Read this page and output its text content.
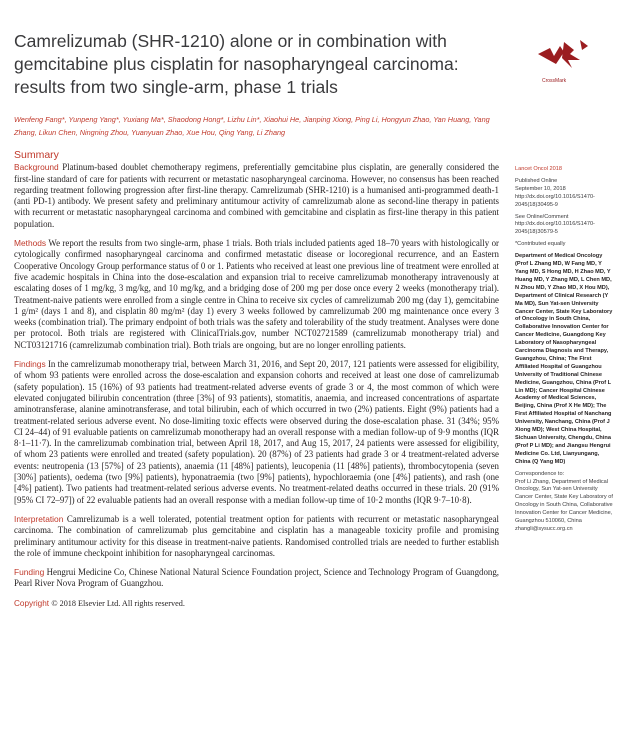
Camrelizumab (SHR-1210) alone or in combination with gemcitabine plus cisplatin for nasopharyngeal carcinoma: results from two single-arm, phase 1 trials	CrossMark
Wenfeng Fang*, Yunpeng Yang*, Yuxiang Ma*, Shaodong Hong*, Lizhu Lin*, Xiaohui He, Jianping Xiong, Ping Li, Hongyun Zhao, Yan Huang, Yang Zhang, Likun Chen, Ningning Zhou, Yuanyuan Zhao, Xue Hou, Qing Yang, Li Zhang
Summary

Background Platinum-based doublet chemotherapy regimens, preferentially gemcitabine plus cisplatin, are generally considered the first-line standard of care for patients with recurrent or metastatic nasopharyngeal carcinoma. However, no consensus has been reached regarding treatment following progression after first-line therapy. Camrelizumab (SHR-1210) is a humanised anti-programmed death-1 (anti PD-1) antibody. We present safety and preliminary antitumour activity of camrelizumab alone as second-line therapy in patients with recurrent or metastatic nasopharyngeal carcinoma and combined with gemcitabine and cisplatin as first-line therapy in this patient population.

Methods We report the results from two single-arm, phase 1 trials. Both trials included patients aged 18–70 years with histologically or cytologically confirmed nasopharyngeal carcinoma and confirmed metastatic disease or locoregional recurrence, and an Eastern Cooperative Oncology Group performance status of 0 or 1. Patients who received at least one previous line of treatment were enrolled at five academic hospitals in China into the dose-escalation and expansion trial to receive camrelizumab monotherapy intravenously at escalating doses of 1 mg/kg, 3 mg/kg, and 10 mg/kg, and a bridging dose of 200 mg per dose once every 2 weeks (monotherapy trial). Treatment-naive patients were enrolled from a single centre in China to receive six cycles of camrelizumab 200 mg (day 1), gemcitabine 1 g/m² (days 1 and 8), and cisplatin 80 mg/m² (day 1) every 3 weeks followed by camrelizumab 200 mg maintenance once every 3 weeks (combination trial). The primary endpoint of both trials was the safety and tolerability of the study treatment. Analyses were done per protocol. Both trials are registered with ClinicalTrials.gov, number NCT02721589 (camrelizumab monotherapy trial) and NCT03121716 (camrelizumab combination trial). Both trials are ongoing, but are no longer enrolling patients.

Findings In the camrelizumab monotherapy trial, between March 31, 2016, and Sept 20, 2017, 121 patients were assessed for eligibility, of whom 93 patients were enrolled across the dose-escalation and expansion cohorts and received at least one dose of camrelizumab (safety population). 15 (16%) of 93 patients had treatment-related adverse events of grade 3 or 4, the most common of which were elevated conjugated bilirubin concentration (three [3%] of 93 patients), stomatitis, anaemia, and increased concentrations of aspartate aminotransferase, alanine aminotransferase, and total bilirubin, each of which occurred in two (2%) patients. Eight (9%) patients had a treatment-related serious adverse event. No dose-limiting toxic effects were observed during the dose-escalation phase. 31 (34%; 95% CI 24–44) of 91 evaluable patients on camrelizumab monotherapy had an overall response with a median follow-up of 9·9 months (IQR 8·1–11·7). In the camrelizumab combination trial, between April 18, 2017, and Aug 15, 2017, 24 patients were assessed for eligibility, of whom 23 patients were enrolled and treated (safety population). 20 (87%) of 23 patients had grade 3 or 4 treatment-related adverse events: neutropenia (13 [57%] of 23 patients), anaemia (11 [48%] patients), leucopenia (11 [48%] patients), thrombocytopenia (seven [30%] patients), oedema (two [9%] patients), hyponatraemia (two [9%] patients), hypochloraemia (one [4%] patients), and rash (one [4%] patient). Two patients had treatment-related serious adverse events. No treatment-related deaths occurred in these trials. 20 (91% [95% CI 72–97]) of 22 evaluable patients had an overall response with a median follow-up time of 10·2 months (IQR 9·7–10·8).

Interpretation Camrelizumab is a well tolerated, potential treatment option for patients with recurrent or metastatic nasopharyngeal carcinoma. The combination of camrelizumab plus gemcitabine and cisplatin has a manageable toxicity profile and promising preliminary antitumour activity for this disease in treatment-naive patients. Randomised controlled trials are needed to further establish the role of immune checkpoint inhibition for nasopharyngeal carcinomas.

Funding Hengrui Medicine Co, Chinese National Natural Science Foundation project, Science and Technology Program of Guangdong, Pearl River Nova Program of Guangzhou.

Copyright © 2018 Elsevier Ltd. All rights reserved.
Lancet Oncol 2018
Published Online
September 10, 2018
http://dx.doi.org/10.1016/S1470-2045(18)30495-9
See Online/Comment
http://dx.doi.org/10.1016/S1470-2045(18)30579-5
*Contributed equally
Department of Medical Oncology (Prof L Zhang MD, W Fang MD, Y Yang MD, S Hong MD, H Zhao MD, Y Huang MD, Y Zhang MD, L Chen MD, N Zhou MD, Y Zhao MD, X Hou MD), Department of Clinical Research (Y Ma MD), Sun Yat-sen University Cancer Center, State Key Laboratory of Oncology in South China, Collaborative Innovation Center for Cancer Medicine, Guangdong Key Laboratory of Nasopharyngeal Carcinoma Diagnosis and Therapy, Guangzhou, China; The First Affiliated Hospital of Guangzhou University of Traditional Chinese Medicine, Guangzhou, China (Prof L Lin MD); Cancer Hospital Chinese Academy of Medical Sciences, Beijing, China (Prof X He MD); The First Affiliated Hospital of Nanchang University, Nanchang, China (Prof J Xiong MD); West China Hospital, Sichuan University, Chengdu, China (Prof P Li MD); and Jiangsu Hengrui Medicine Co. Ltd, Lianyungang, China (Q Yang MD)
Correspondence to:
Prof Li Zhang, Department of Medical Oncology, Sun Yat-sen University Cancer Center, State Key Laboratory of Oncology in South China, Collaborative Innovation Center for Cancer Medicine, Guangzhou 510060, China
zhangli@sysucc.org.cn
